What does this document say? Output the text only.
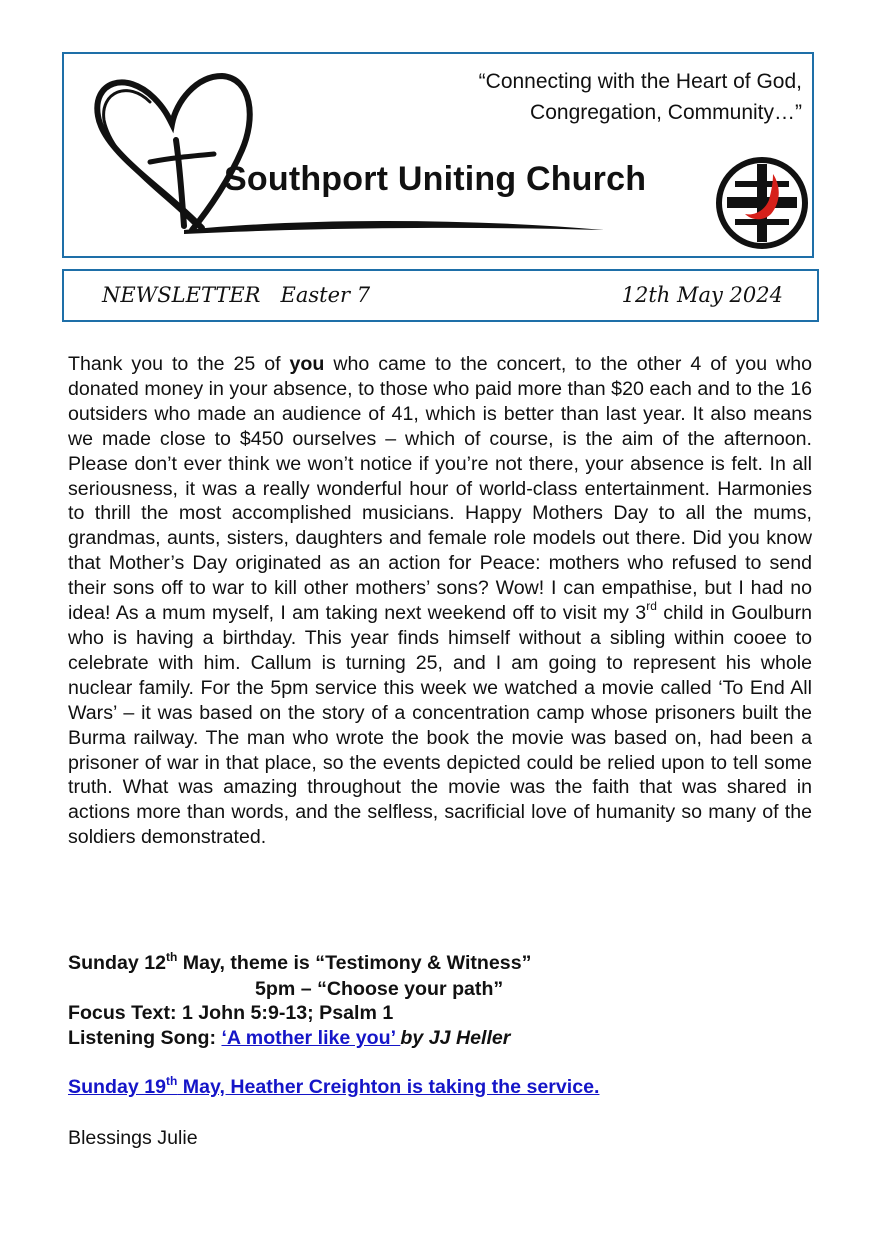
“Connecting with the Heart of God,
Congregation, Community…”
Southport Uniting Church
NEWSLETTER   Easter 7	12th May 2024

Thank you to the 25 of you who came to the concert, to the other 4 of you who donated money in your absence, to those who paid more than $20 each and to the 16 outsiders who made an audience of 41, which is better than last year. It also means we made close to $450 ourselves – which of course, is the aim of the afternoon. Please don’t ever think we won’t notice if you’re not there, your absence is felt. In all seriousness, it was a really wonderful hour of world-class entertainment. Harmonies to thrill the most accomplished musicians. Happy Mothers Day to all the mums, grandmas, aunts, sisters, daughters and female role models out there. Did you know that Mother’s Day originated as an action for Peace: mothers who refused to send their sons off to war to kill other mothers’ sons? Wow! I can empathise, but I had no idea! As a mum myself, I am taking next weekend off to visit my 3rd child in Goulburn who is having a birthday. This year finds himself without a sibling within cooee to celebrate with him. Callum is turning 25, and I am going to represent his whole nuclear family. For the 5pm service this week we watched a movie called ‘To End All Wars’ – it was based on the story of a concentration camp whose prisoners built the Burma railway. The man who wrote the book the movie was based on, had been a prisoner of war in that place, so the events depicted could be relied upon to tell some truth. What was amazing throughout the movie was the faith that was shared in actions more than words, and the selfless, sacrificial love of humanity so many of the soldiers demonstrated.

Sunday 12th May, theme is “Testimony & Witness”
5pm – “Choose your path”
Focus Text: 1 John 5:9-13; Psalm 1
Listening Song: ‘A mother like you’ by JJ Heller
Sunday 19th May, Heather Creighton is taking the service.
Blessings Julie
